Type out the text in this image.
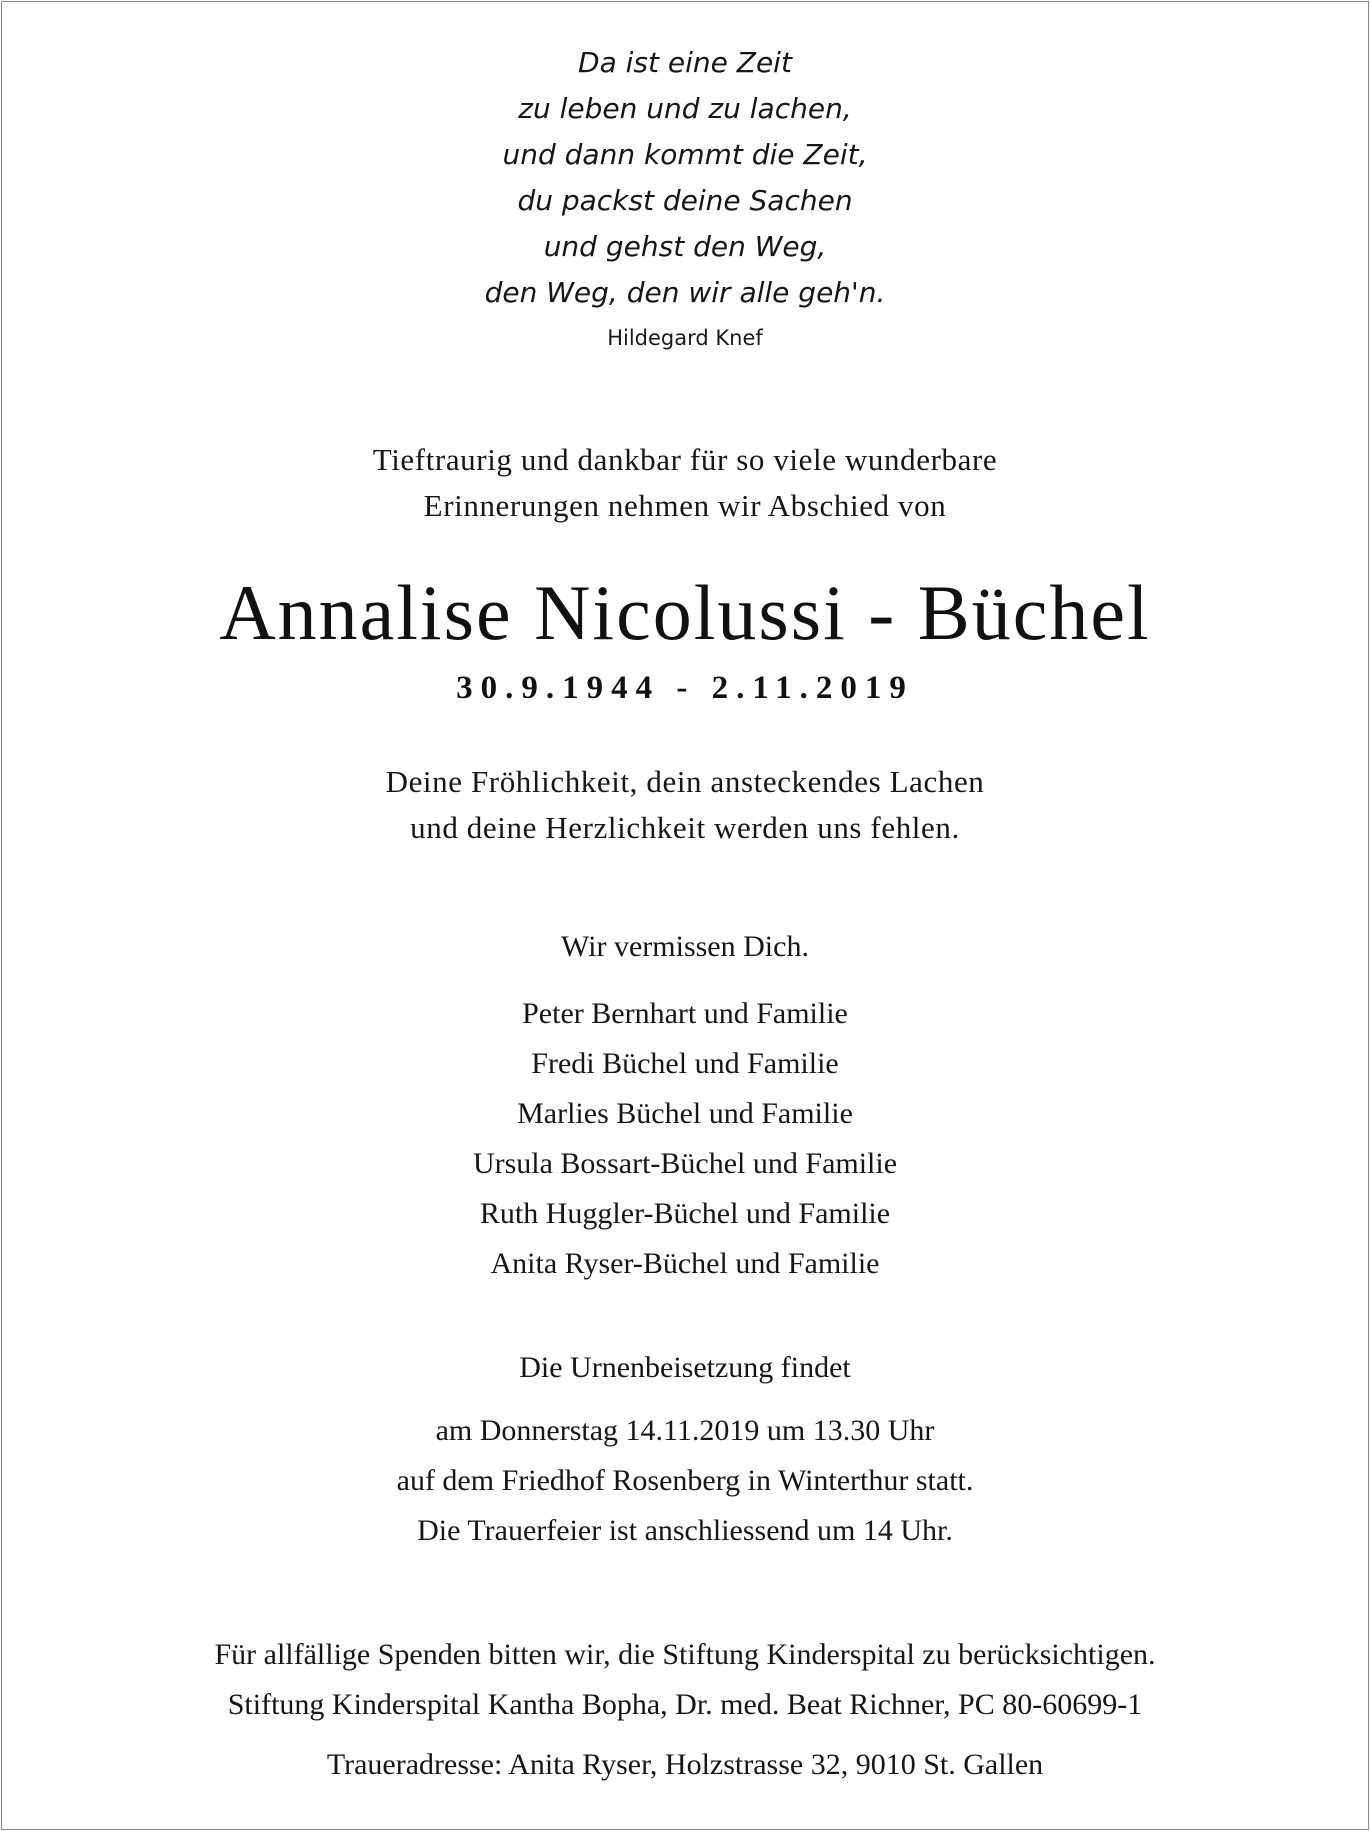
Da ist eine Zeit
zu leben und zu lachen,
und dann kommt die Zeit,
du packst deine Sachen
und gehst den Weg,
den Weg, den wir alle geh'n.
Hildegard Knef
Tieftraurig und dankbar für so viele wunderbare
Erinnerungen nehmen wir Abschied von
Annalise Nicolussi - Büchel
30.9.1944 - 2.11.2019
Deine Fröhlichkeit, dein ansteckendes Lachen
und deine Herzlichkeit werden uns fehlen.
Wir vermissen Dich.
Peter Bernhart und Familie
Fredi Büchel und Familie
Marlies Büchel und Familie
Ursula Bossart-Büchel und Familie
Ruth Huggler-Büchel und Familie
Anita Ryser-Büchel und Familie
Die Urnenbeisetzung findet
am Donnerstag 14.11.2019 um 13.30 Uhr
auf dem Friedhof Rosenberg in Winterthur statt.
Die Trauerfeier ist anschliessend um 14 Uhr.
Für allfällige Spenden bitten wir, die Stiftung Kinderspital zu berücksichtigen.
Stiftung Kinderspital Kantha Bopha, Dr. med. Beat Richner, PC 80-60699-1
Traueradresse: Anita Ryser, Holzstrasse 32, 9010 St. Gallen
